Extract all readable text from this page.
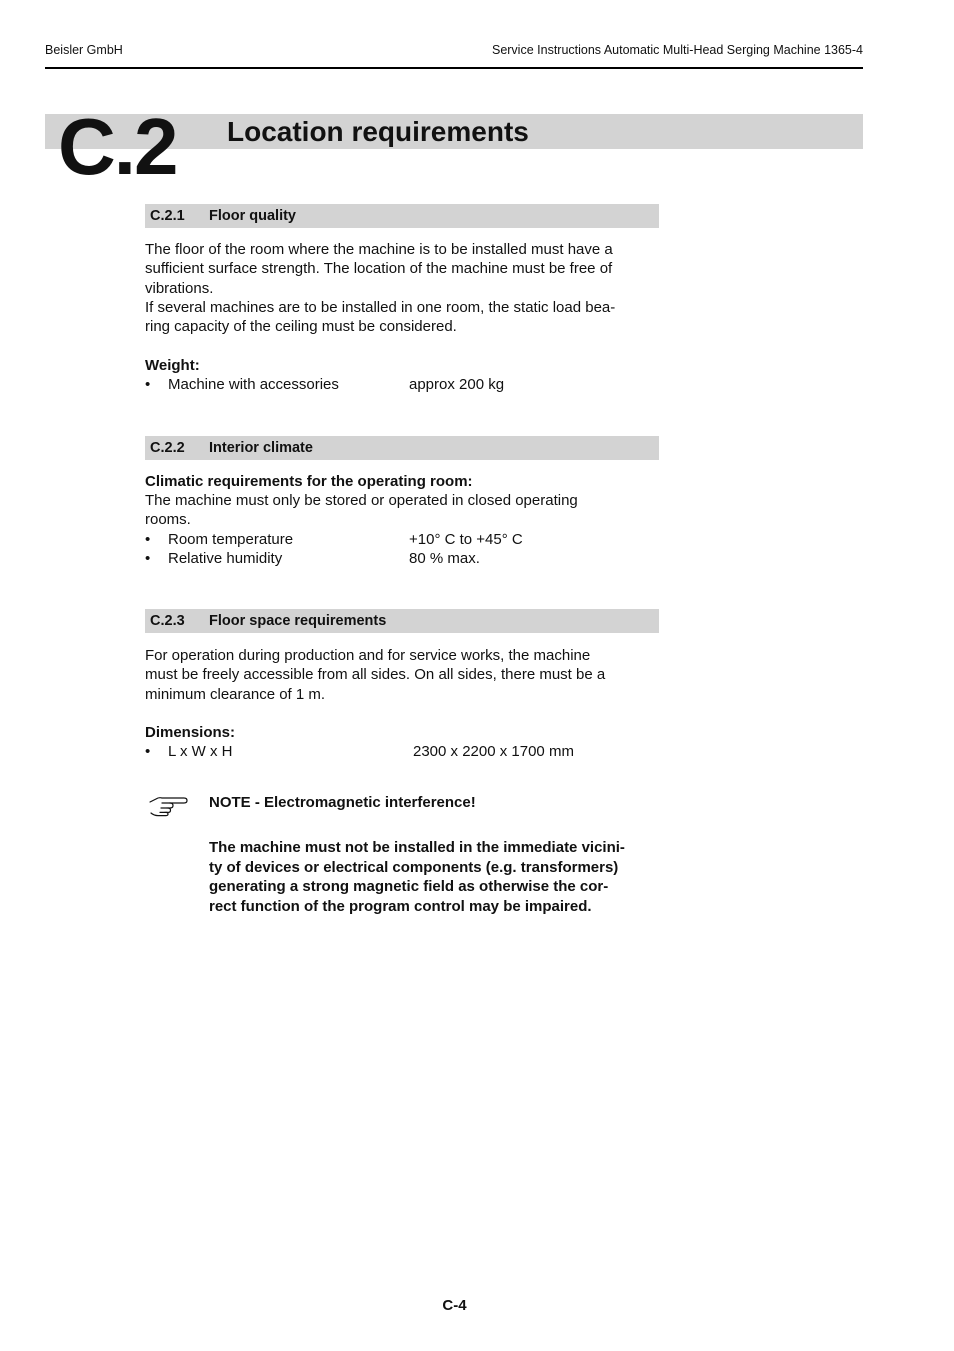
Beisler GmbH	Service Instructions Automatic Multi-Head Serging Machine 1365-4
C.2 Location requirements
C.2.1 Floor quality

The floor of the room where the machine is to be installed must have a

sufficient surface strength. The location of the machine must be free of

vibrations.

If several machines are to be installed in one room, the static load bea-

ring capacity of the ceiling must be considered.

Weight:
• Machine with accessories	approx 200 kg
C.2.2 Interior climate
Climatic requirements for the operating room:

The machine must only be stored or operated in closed operating

rooms.

• Room temperature	+10° C to +45° C
• Relative humidity	80 % max.
C.2.3 Floor space requirements

For operation during production and for service works, the machine

must be freely accessible from all sides. On all sides, there must be a

minimum clearance of 1 m.

Dimensions:
• L x W x H	2300 x 2200 x 1700 mm
NOTE - Electromagnetic interference!
The machine must not be installed in the immediate vicini-
ty of devices or electrical components (e.g. transformers)
generating a strong magnetic field as otherwise the cor-
rect function of the program control may be impaired.
C-4
